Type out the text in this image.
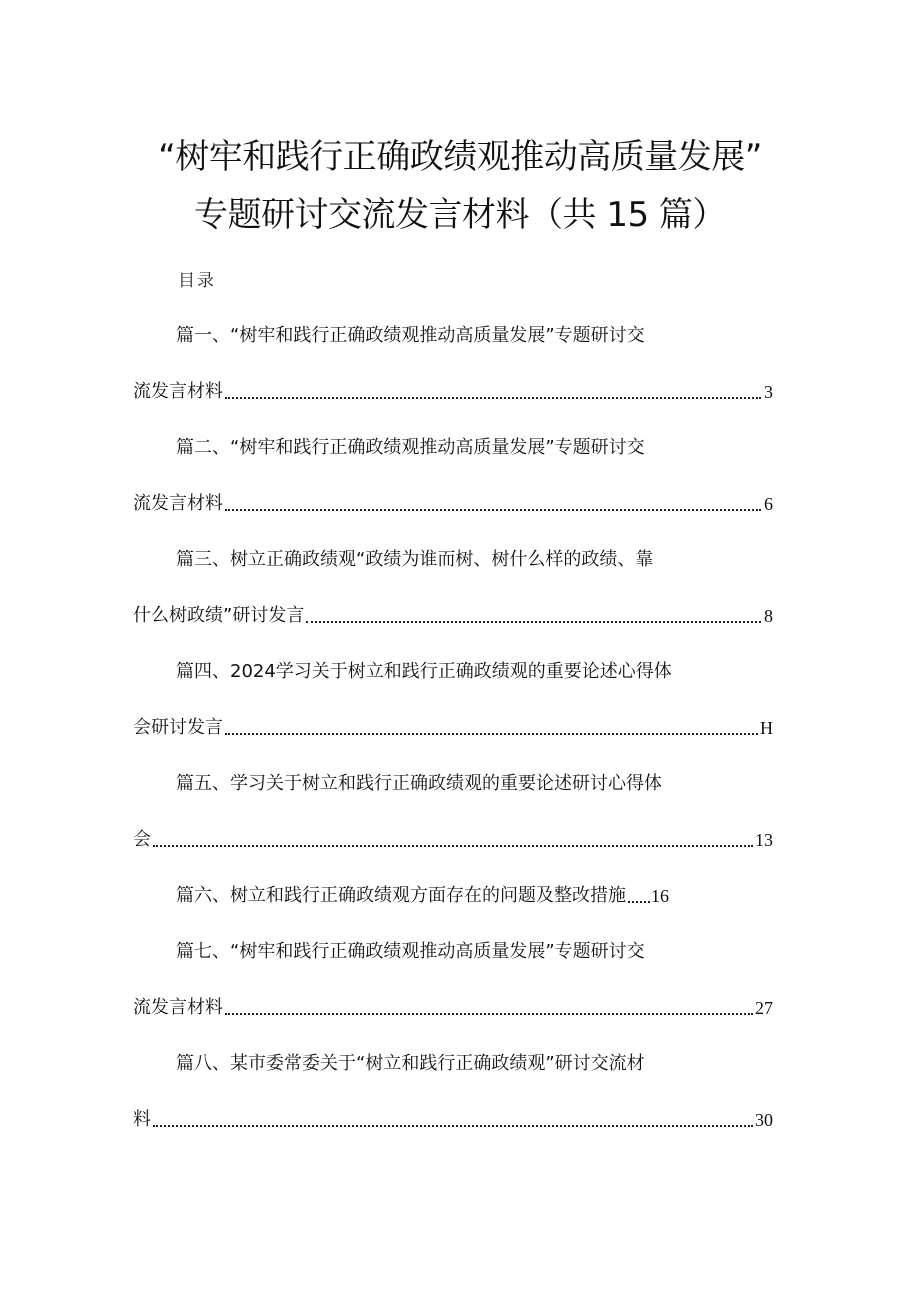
“树牢和践行正确政绩观推动高质量发展”
专题研讨交流发言材料（共 15 篇）
目录
篇一、“树牢和践行正确政绩观推动高质量发展”专题研讨交
流发言材料	3
篇二、“树牢和践行正确政绩观推动高质量发展”专题研讨交
流发言材料	6
篇三、树立正确政绩观“政绩为谁而树、树什么样的政绩、靠
什么树政绩”研讨发言	8
篇四、2024学习关于树立和践行正确政绩观的重要论述心得体
会研讨发言	H
篇五、学习关于树立和践行正确政绩观的重要论述研讨心得体
会	13
篇六、树立和践行正确政绩观方面存在的问题及整改措施 16
篇七、“树牢和践行正确政绩观推动高质量发展”专题研讨交
流发言材料	27
篇八、某市委常委关于“树立和践行正确政绩观”研讨交流材
料	30
